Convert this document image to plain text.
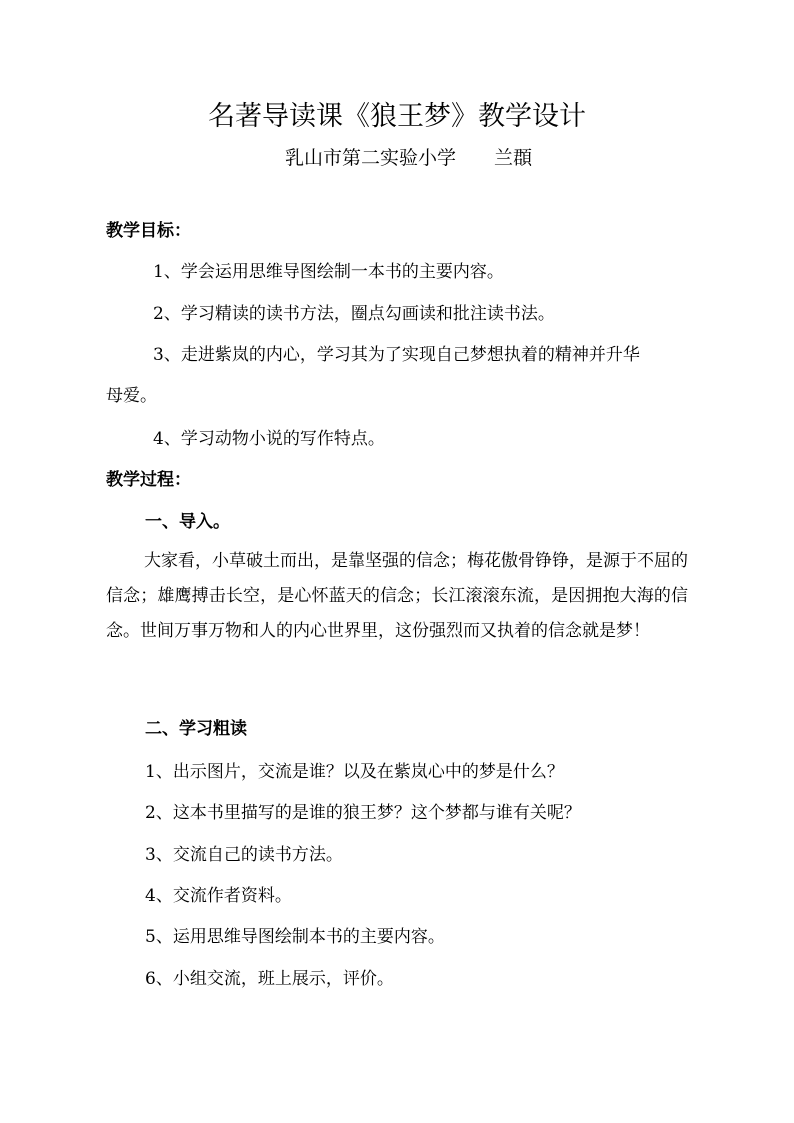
名著导读课《狼王梦》教学设计
乳山市第二实验小学 兰頵
教学目标：
1、学会运用思维导图绘制一本书的主要内容。
2、学习精读的读书方法，圈点勾画读和批注读书法。
3、走进紫岚的内心，学习其为了实现自己梦想执着的精神并升华
母爱。
4、学习动物小说的写作特点。
教学过程：
一、导入。
大家看，小草破土而出，是靠坚强的信念；梅花傲骨铮铮，是源于不屈的信念；雄鹰搏击长空，是心怀蓝天的信念；长江滚滚东流，是因拥抱大海的信念。世间万事万物和人的内心世界里，这份强烈而又执着的信念就是梦！
二、学习粗读
1、出示图片，交流是谁？以及在紫岚心中的梦是什么？
2、这本书里描写的是谁的狼王梦？这个梦都与谁有关呢？
3、交流自己的读书方法。
4、交流作者资料。
5、运用思维导图绘制本书的主要内容。
6、小组交流，班上展示，评价。
